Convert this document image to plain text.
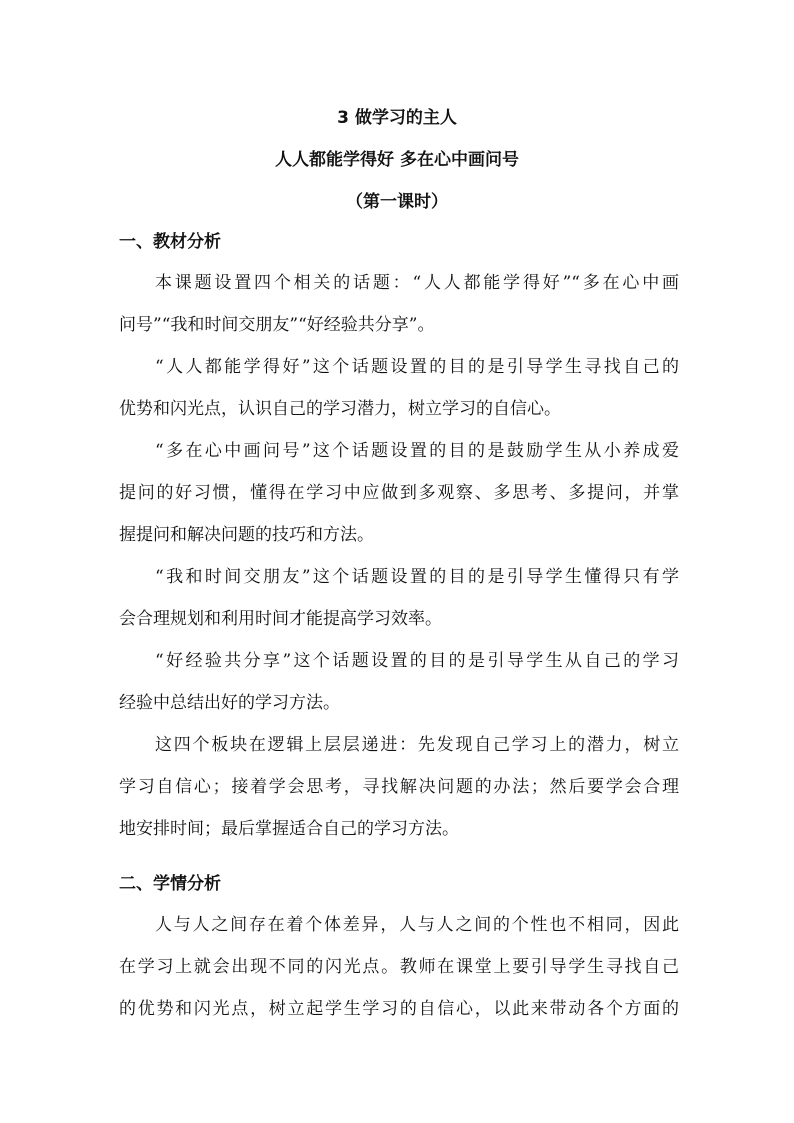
3 做学习的主人
人人都能学得好 多在心中画问号
（第一课时）
一、教材分析
本课题设置四个相关的话题：“人人都能学得好”“多在心中画
问号”“我和时间交朋友”“好经验共分享”。
“人人都能学得好”这个话题设置的目的是引导学生寻找自己的
优势和闪光点，认识自己的学习潜力，树立学习的自信心。
“多在心中画问号”这个话题设置的目的是鼓励学生从小养成爱
提问的好习惯，懂得在学习中应做到多观察、多思考、多提问，并掌
握提问和解决问题的技巧和方法。
“我和时间交朋友”这个话题设置的目的是引导学生懂得只有学
会合理规划和利用时间才能提高学习效率。
“好经验共分享”这个话题设置的目的是引导学生从自己的学习
经验中总结出好的学习方法。
这四个板块在逻辑上层层递进：先发现自己学习上的潜力，树立
学习自信心；接着学会思考，寻找解决问题的办法；然后要学会合理
地安排时间；最后掌握适合自己的学习方法。
二、学情分析
人与人之间存在着个体差异，人与人之间的个性也不相同，因此
在学习上就会出现不同的闪光点。教师在课堂上要引导学生寻找自己
的优势和闪光点，树立起学生学习的自信心，以此来带动各个方面的
